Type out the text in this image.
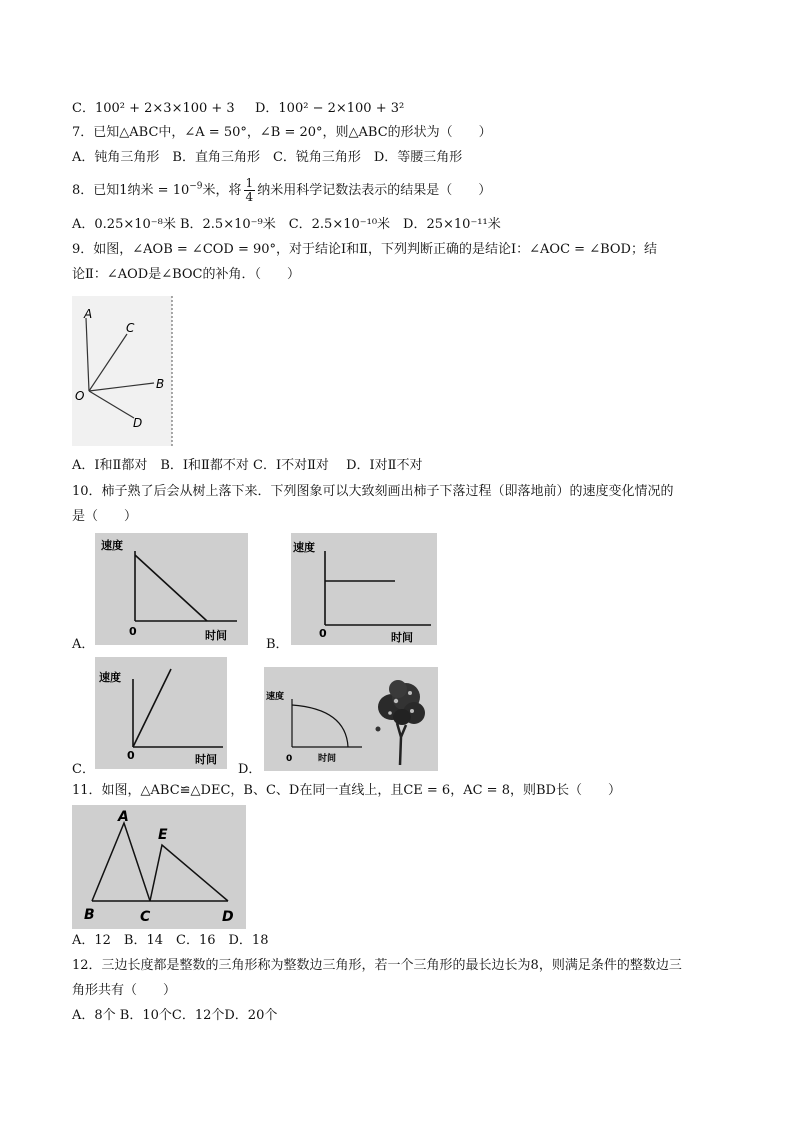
C．100² + 2×3×100 + 3 D．100² − 2×100 + 3²
7．已知△ABC中，∠A = 50°，∠B = 20°，则△ABC的形状为（　　）
A．钝角三角形　B．直角三角形　C．锐角三角形　D．等腰三角形
8．已知1纳米 = $10^{-9}$米，将 $\frac{1}{4}$ 纳米用科学记数法表示的结果是（　　）
A．0.25×10⁻⁸米 B．2.5×10⁻⁹米　C．2.5×10⁻¹⁰米　D．25×10⁻¹¹米
9．如图，∠AOB = ∠COD = 90°，对于结论Ⅰ和Ⅱ，下列判断正确的是结论Ⅰ：∠AOC = ∠BOD；结
论Ⅱ：∠AOD是∠BOC的补角．（　　）
A
C
O
B
D
A．Ⅰ和Ⅱ都对　B．Ⅰ和Ⅱ都不对 C．Ⅰ不对Ⅱ对　 D．Ⅰ对Ⅱ不对
10．柿子熟了后会从树上落下来．下列图象可以大致刻画出柿子下落过程（即落地前）的速度变化情况的
是（　　）
A．
速度
0	时间
B．
速度
0	时间
C．
速度
0	时间
D．
速度
0	时间
11．如图，△ABC≌△DEC，B、C、D在同一直线上，且CE = 6，AC = 8，则BD长（　　）
A
E
B	C	D
A．12　B．14　C．16　D．18
12．三边长度都是整数的三角形称为整数边三角形，若一个三角形的最长边长为8，则满足条件的整数边三
角形共有（　　）
A．8个 B．10个C．12个D．20个
